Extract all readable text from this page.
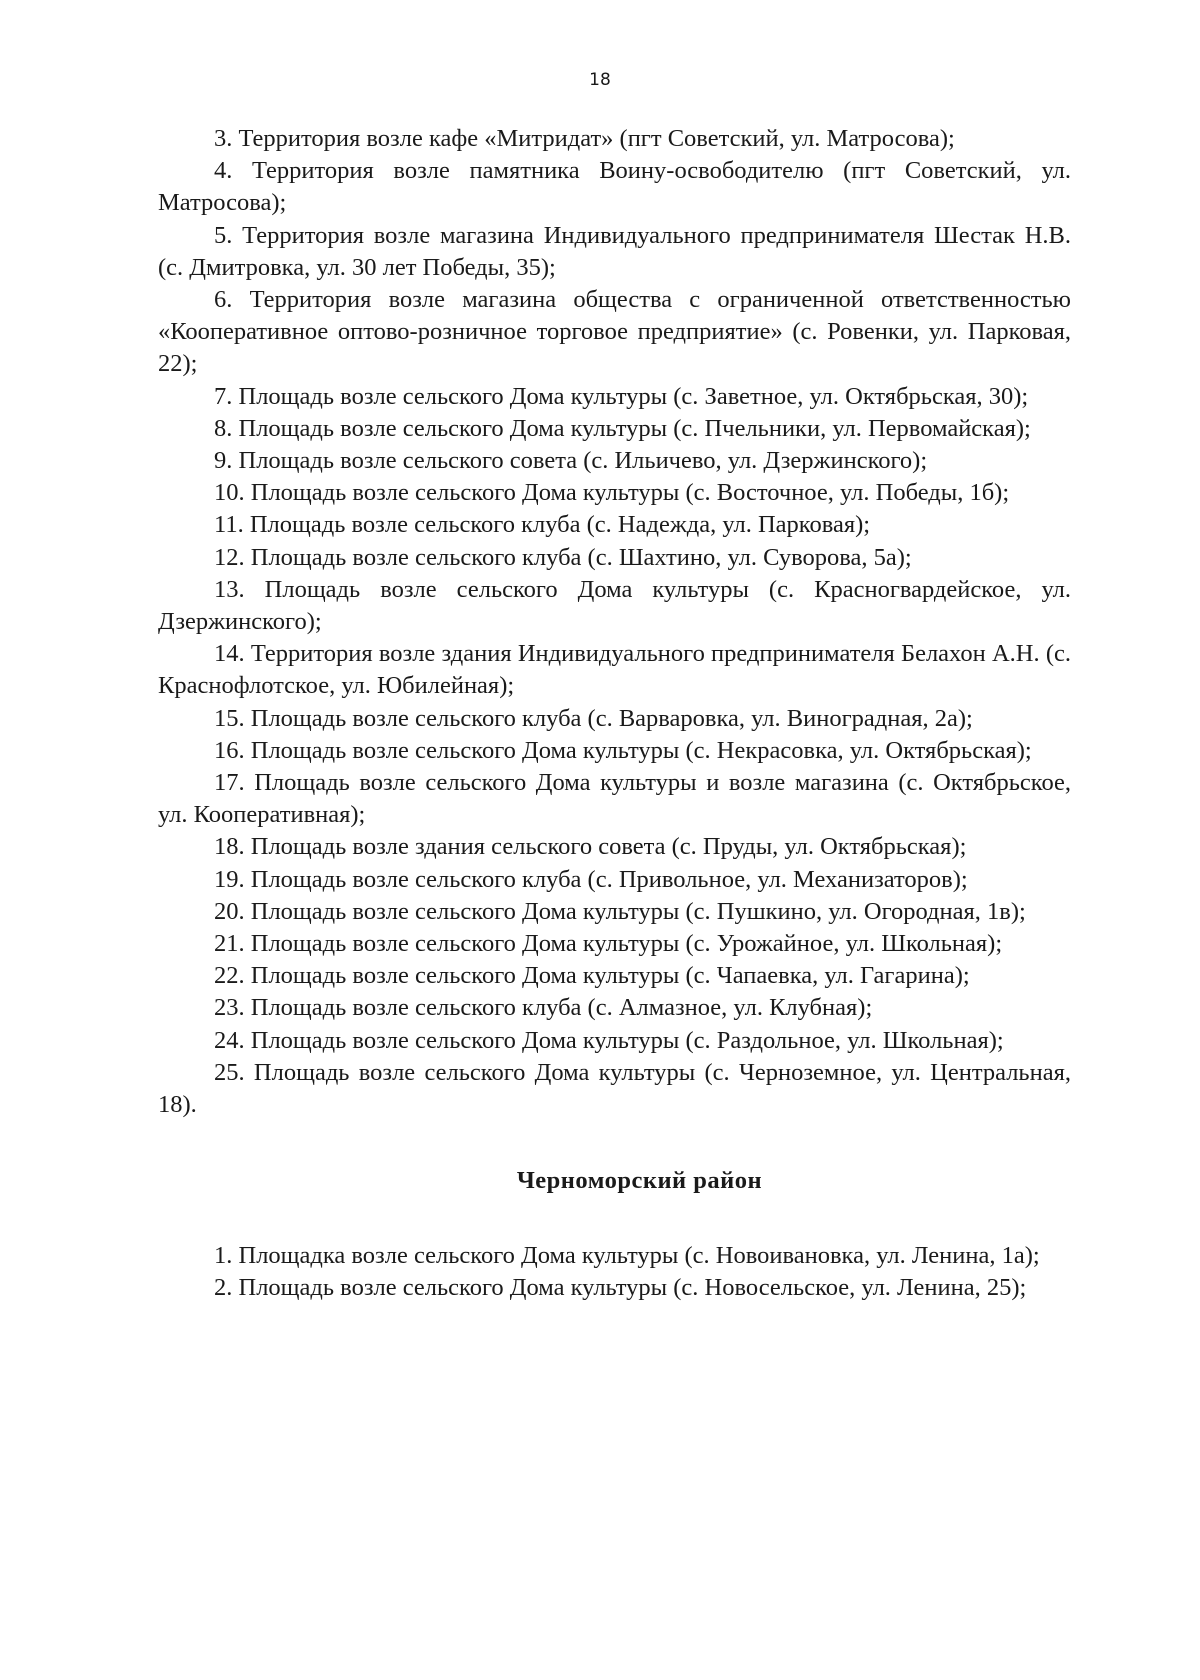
18

3. Территория возле кафе «Митридат» (пгт Советский, ул. Матросова);

4. Территория возле памятника Воину-освободителю (пгт Советский, ул. Матросова);

5. Территория возле магазина Индивидуального предпринимателя Шестак Н.В. (с. Дмитровка, ул. 30 лет Победы, 35);

6. Территория возле магазина общества с ограниченной ответственностью «Кооперативное оптово-розничное торговое предприятие» (с. Ровенки, ул. Парковая, 22);

7. Площадь возле сельского Дома культуры (с. Заветное, ул. Октябрьская, 30);

8. Площадь возле сельского Дома культуры (с. Пчельники, ул. Первомайская);

9. Площадь возле сельского совета (с. Ильичево, ул. Дзержинского);

10. Площадь возле сельского Дома культуры (с. Восточное, ул. Победы, 1б);

11. Площадь возле сельского клуба (с. Надежда, ул. Парковая);

12. Площадь возле сельского клуба (с. Шахтино, ул. Суворова, 5а);

13. Площадь возле сельского Дома культуры (с. Красногвардейское, ул. Дзержинского);

14. Территория возле здания Индивидуального предпринимателя Белахон А.Н. (с. Краснофлотское, ул. Юбилейная);

15. Площадь возле сельского клуба (с. Варваровка, ул. Виноградная, 2а);

16. Площадь возле сельского Дома культуры (с. Некрасовка, ул. Октябрьская);

17. Площадь возле сельского Дома культуры и возле магазина (с. Октябрьское, ул. Кооперативная);

18. Площадь возле здания сельского совета (с. Пруды, ул. Октябрьская);

19. Площадь возле сельского клуба (с. Привольное, ул. Механизаторов);

20. Площадь возле сельского Дома культуры (с. Пушкино, ул. Огородная, 1в);

21. Площадь возле сельского Дома культуры (с. Урожайное, ул. Школьная);

22. Площадь возле сельского Дома культуры (с. Чапаевка, ул. Гагарина);

23. Площадь возле сельского клуба (с. Алмазное, ул. Клубная);

24. Площадь возле сельского Дома культуры (с. Раздольное, ул. Школьная);

25. Площадь возле сельского Дома культуры (с. Черноземное, ул. Центральная, 18).

Черноморский район

1. Площадка возле сельского Дома культуры (с. Новоивановка, ул. Ленина, 1а);

2. Площадь возле сельского Дома культуры (с. Новосельское, ул. Ленина, 25);
